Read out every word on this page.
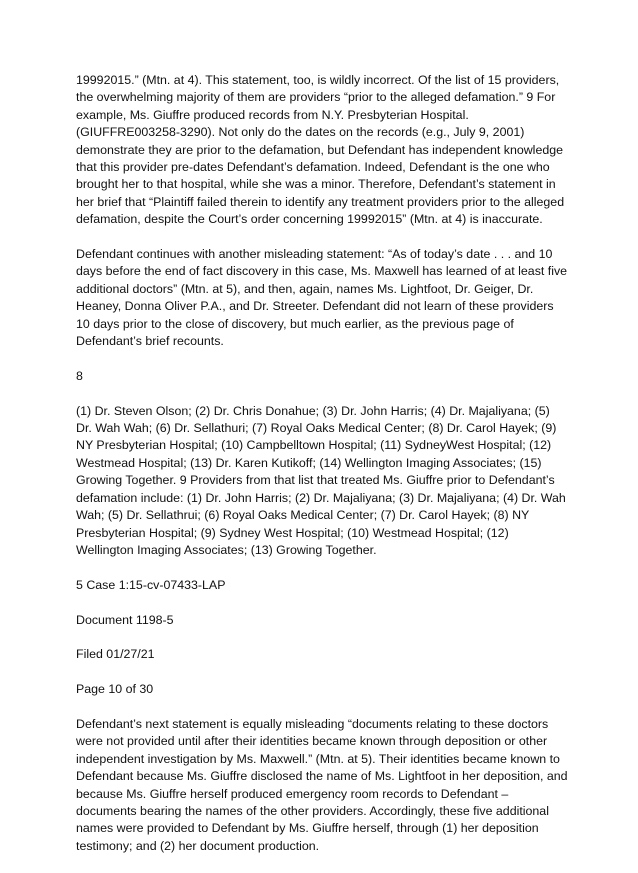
19992015.” (Mtn. at 4). This statement, too, is wildly incorrect. Of the list of 15 providers, the overwhelming majority of them are providers “prior to the alleged defamation.” 9 For example, Ms. Giuffre produced records from N.Y. Presbyterian Hospital. (GIUFFRE003258-3290). Not only do the dates on the records (e.g., July 9, 2001) demonstrate they are prior to the defamation, but Defendant has independent knowledge that this provider pre-dates Defendant’s defamation. Indeed, Defendant is the one who brought her to that hospital, while she was a minor. Therefore, Defendant’s statement in her brief that “Plaintiff failed therein to identify any treatment providers prior to the alleged defamation, despite the Court’s order concerning 19992015” (Mtn. at 4) is inaccurate.

Defendant continues with another misleading statement: “As of today’s date . . . and 10 days before the end of fact discovery in this case, Ms. Maxwell has learned of at least five additional doctors” (Mtn. at 5), and then, again, names Ms. Lightfoot, Dr. Geiger, Dr. Heaney, Donna Oliver P.A., and Dr. Streeter. Defendant did not learn of these providers 10 days prior to the close of discovery, but much earlier, as the previous page of Defendant’s brief recounts.

8

(1) Dr. Steven Olson; (2) Dr. Chris Donahue; (3) Dr. John Harris; (4) Dr. Majaliyana; (5) Dr. Wah Wah; (6) Dr. Sellathuri; (7) Royal Oaks Medical Center; (8) Dr. Carol Hayek; (9) NY Presbyterian Hospital; (10) Campbelltown Hospital; (11) SydneyWest Hospital; (12) Westmead Hospital; (13) Dr. Karen Kutikoff; (14) Wellington Imaging Associates; (15) Growing Together. 9 Providers from that list that treated Ms. Giuffre prior to Defendant’s defamation include: (1) Dr. John Harris; (2) Dr. Majaliyana; (3) Dr. Majaliyana; (4) Dr. Wah Wah; (5) Dr. Sellathrui; (6) Royal Oaks Medical Center; (7) Dr. Carol Hayek; (8) NY Presbyterian Hospital; (9) Sydney West Hospital; (10) Westmead Hospital; (12) Wellington Imaging Associates; (13) Growing Together.

5 Case 1:15-cv-07433-LAP

Document 1198-5

Filed 01/27/21

Page 10 of 30

Defendant’s next statement is equally misleading “documents relating to these doctors were not provided until after their identities became known through deposition or other independent investigation by Ms. Maxwell.” (Mtn. at 5). Their identities became known to Defendant because Ms. Giuffre disclosed the name of Ms. Lightfoot in her deposition, and because Ms. Giuffre herself produced emergency room records to Defendant – documents bearing the names of the other providers. Accordingly, these five additional names were provided to Defendant by Ms. Giuffre herself, through (1) her deposition testimony; and (2) her document production.
